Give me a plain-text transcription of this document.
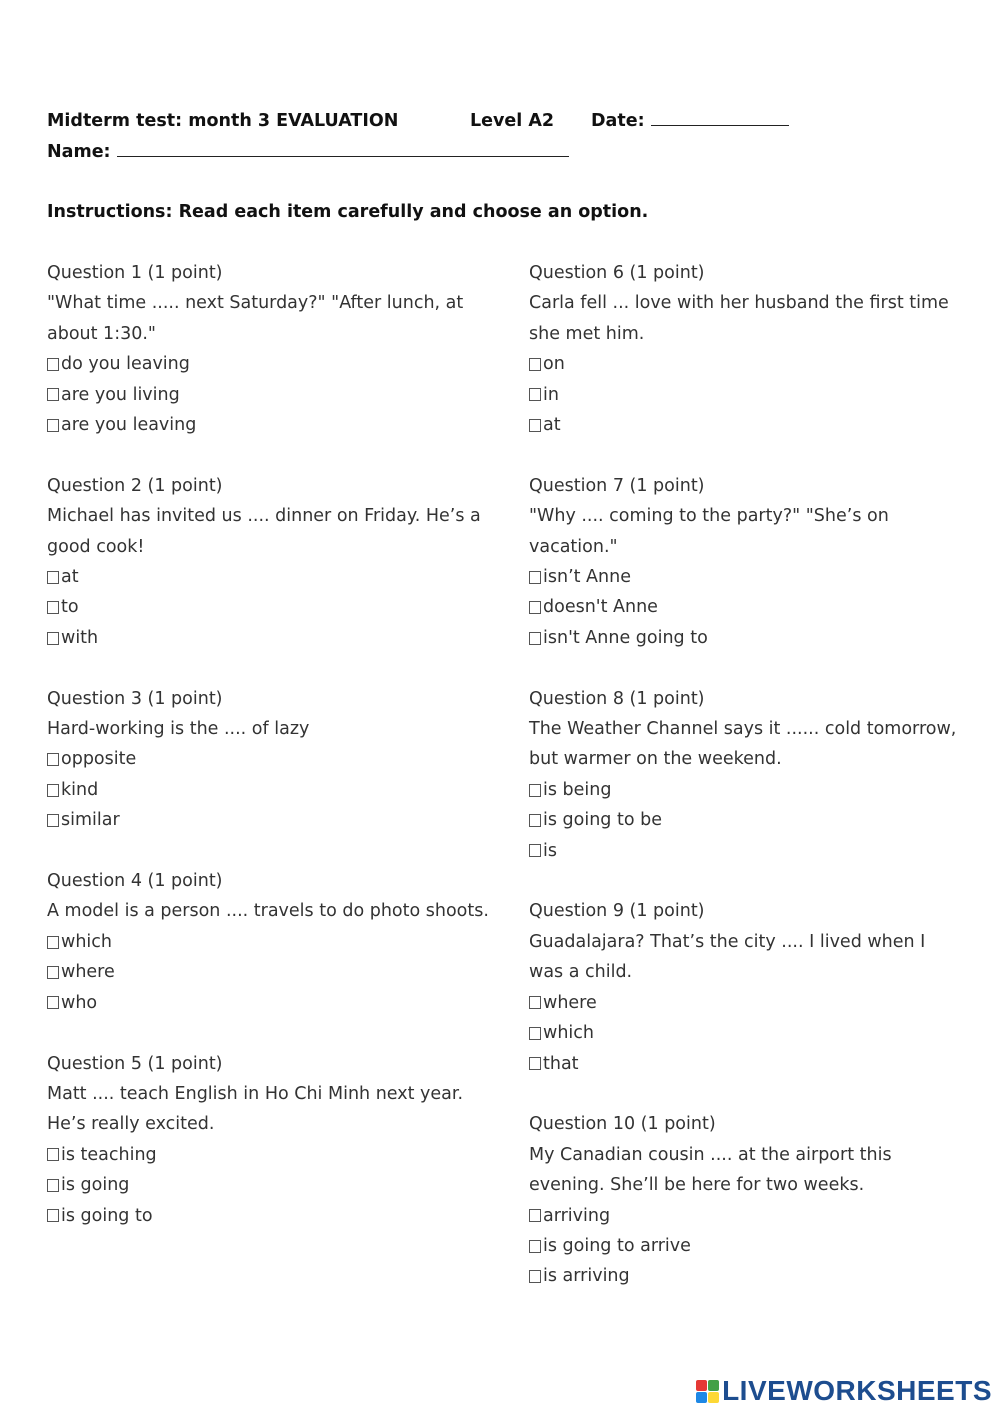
Midterm test: month 3 EVALUATION	Level A2 Date:
Name:
Instructions: Read each item carefully and choose an option.

Question 1 (1 point)

"What time ..... next Saturday?" "After lunch, at about 1:30."

do you leaving
are you living
are you leaving

Question 2 (1 point)

Michael has invited us .... dinner on Friday. He’s a good cook!

at
to
with

Question 3 (1 point)

Hard-working is the .... of lazy

opposite
kind
similar

Question 4 (1 point)

A model is a person .... travels to do photo shoots.

which
where
who

Question 5 (1 point)

Matt .... teach English in Ho Chi Minh next year. He’s really excited.

is teaching
is going
is going to

Question 6 (1 point)

Carla fell ... love with her husband the first time she met him.

on
in
at

Question 7 (1 point)

"Why .... coming to the party?" "She’s on vacation."

isn’t Anne
doesn't Anne
isn't Anne going to

Question 8 (1 point)

The Weather Channel says it ...... cold tomorrow, but warmer on the weekend.

is being
is going to be
is

Question 9 (1 point)

Guadalajara? That’s the city .... I lived when I was a child.

where
which
that

Question 10 (1 point)

My Canadian cousin .... at the airport this evening. She’ll be here for two weeks.

arriving
is going to arrive
is arriving
LIVEWORKSHEETS
